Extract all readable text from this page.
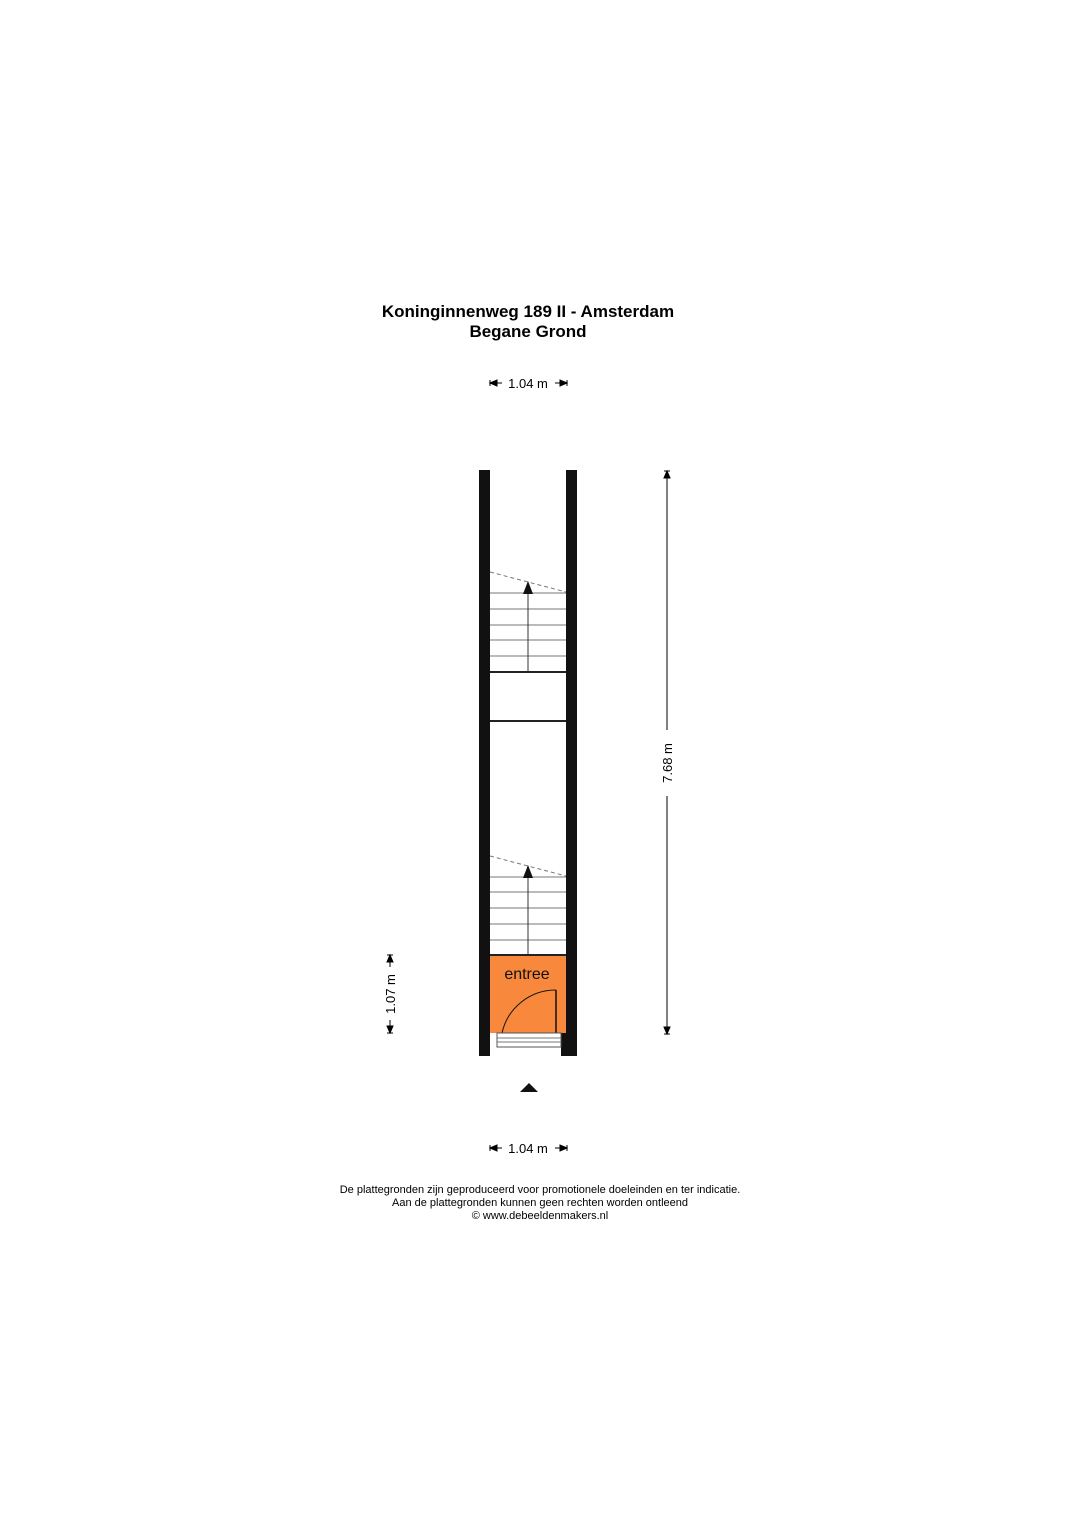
Koninginnenweg 189 II - Amsterdam
Begane Grond
1.04 m
entree
7.68 m
1.07 m
1.04 m
De plattegronden zijn geproduceerd voor promotionele doeleinden en ter indicatie.
Aan de plattegronden kunnen geen rechten worden ontleend
© www.debeeldenmakers.nl
